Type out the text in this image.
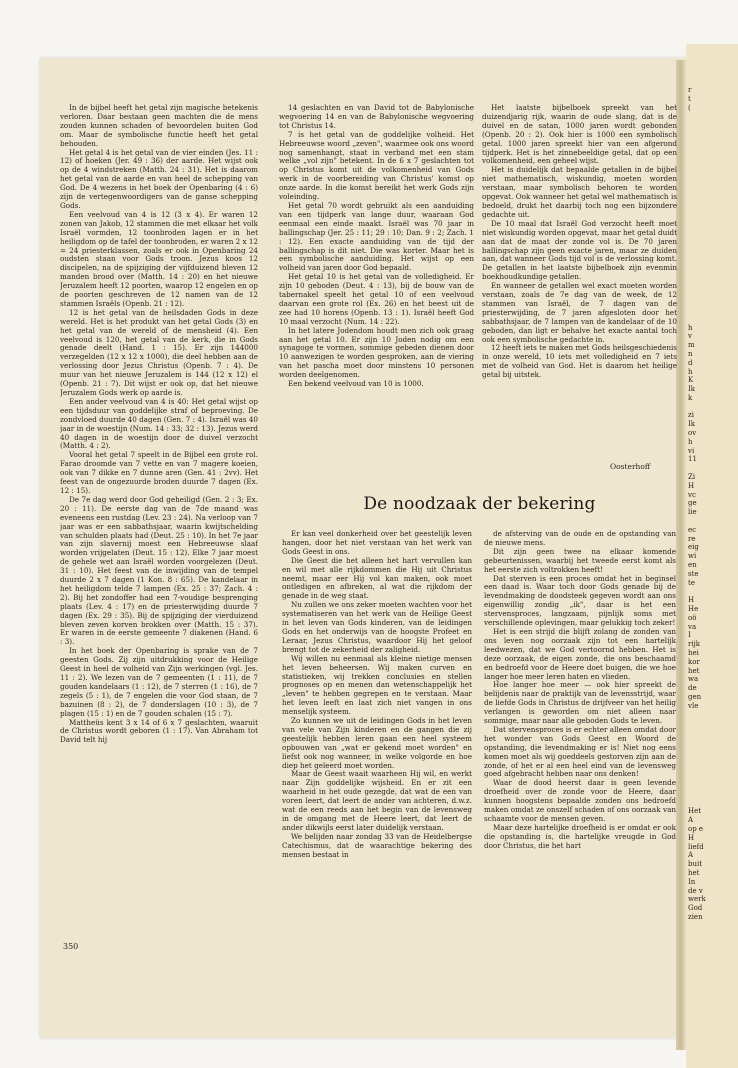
r
t
(

h
v
m
n
d
h
K
Ik
k

zi
Ik
ov
h
vi
11

Zi
H
vc
ge
lie

ec
re
eig
wi
en
ste
te

H
He
oö
va
I
rijk
hei
kor
het
wa
de
gen
vle

Het
A
op e
H
liefd
A
buit
het
In
de v
werk
God
zien

In de bijbel heeft het getal zijn magische betekenis verloren. Daar bestaan geen machten die de mens zouden kunnen schaden of bevoordelen buiten God om. Maar de symbolische functie heeft het getal behouden.

Het getal 4 is het getal van de vier einden (Jes. 11 : 12) of hoeken (Jer. 49 : 36) der aarde. Het wijst ook op de 4 windstreken (Matth. 24 : 31). Het is daarom het getal van de aarde en van heel de schepping van God. De 4 wezens in het boek der Openbaring (4 : 6) zijn de vertegenwoordigers van de ganse schepping Gods.

Een veelvoud van 4 is 12 (3 x 4). Er waren 12 zonen van Jakob, 12 stammen die met elkaar het volk Israël vormden, 12 toonbroden lagen er in het heiligdom op de tafel der toonbroden, er waren 2 x 12 = 24 priesterklassen, zoals er ook in Openbaring 24 oudsten staan voor Gods troon. Jezus koos 12 discipelen, na de spijziging der vijfduizend bleven 12 manden brood over (Matth. 14 : 20) en het nieuwe Jeruzalem heeft 12 poorten, waarop 12 engelen en op de poorten geschreven de 12 namen van de 12 stammen Israëls (Openb. 21 : 12).

12 is het getal van de heilsdaden Gods in deze wereld. Het is het produkt van het getal Gods (3) en het getal van de wereld of de mensheid (4). Een veelvoud is 120, het getal van de kerk, die in Gods genade deelt (Hand. 1 : 15). Er zijn 144000 verzegelden (12 x 12 x 1000), die deel hebben aan de verlossing door Jezus Christus (Openb. 7 : 4). De muur van het nieuwe Jeruzalem is 144 (12 x 12) el (Openb. 21 : 7). Dit wijst er ook op, dat het nieuwe Jeruzalem Gods werk op aarde is.

Een ander veelvoud van 4 is 40: Het getal wijst op een tijdsduur van goddelijke straf of beproeving. De zondvloed duurde 40 dagen (Gen. 7 : 4). Israël was 40 jaar in de woestijn (Num. 14 : 33; 32 : 13). Jezus werd 40 dagen in de woestijn door de duivel verzocht (Matth. 4 : 2).

Vooral het getal 7 speelt in de Bijbel een grote rol. Farao droomde van 7 vette en van 7 magere koeien, ook van 7 dikke en 7 dunne aren (Gen. 41 : 2vv). Het feest van de ongezuurde broden duurde 7 dagen (Ex. 12 : 15).

De 7e dag werd door God geheiligd (Gen. 2 : 3; Ex. 20 : 11). De eerste dag van de 7de maand was eveneens een rustdag (Lev. 23 : 24). Na verloop van 7 jaar was er een sabbathsjaar, waarin kwijtschelding van schulden plaats had (Deut. 25 : 10). In het 7e jaar van zijn slavernij moest een Hebreeuwse slaaf worden vrijgelaten (Deut. 15 : 12). Elke 7 jaar moest de gehele wet aan Israël worden voorgelezen (Deut. 31 : 10). Het feest van de inwijding van de tempel duurde 2 x 7 dagen (1 Kon. 8 : 65). De kandelaar in het heiligdom telde 7 lampen (Ex. 25 : 37; Zach. 4 : 2). Bij het zondoffer had een 7-voudige besprenging plaats (Lev. 4 : 17) en de priesterwijding duurde 7 dagen (Ex. 29 : 35). Bij de spijziging der vierduizend bleven zeven korven brokken over (Matth. 15 : 37). Er waren in de eerste gemeente 7 diakenen (Hand. 6 : 3).

In het boek der Openbaring is sprake van de 7 geesten Gods. Zij zijn uitdrukking voor de Heilige Geest in heel de volheid van Zijn werkingen (vgl. Jes. 11 : 2). We lezen van de 7 gemeenten (1 : 11), de 7 gouden kandelaars (1 : 12), de 7 sterren (1 : 16), de 7 zegels (5 : 1), de 7 engelen die voor God staan, de 7 bazuinen (8 : 2), de 7 donderslagen (10 : 3), de 7 plagen (15 : 1) en de 7 gouden schalen (15 : 7).

Mattheüs kent 3 x 14 of 6 x 7 geslachten, waaruit de Christus wordt geboren (1 : 17). Van Abraham tot David telt hij

14 geslachten en van David tot de Babylonische wegvoering 14 en van de Babylonische wegvoering tot Christus 14.

7 is het getal van de goddelijke volheid. Het Hebreeuwse woord „zeven", waarmee ook ons woord nog samenhangt, staat in verband met een stam welke „vol zijn" betekent. In de 6 x 7 geslachten tot op Christus komt uit de volkomenheid van Gods werk in de voorbereiding van Christus' komst op onze aarde. In die komst bereikt het werk Gods zijn voleinding.

Het getal 70 wordt gebruikt als een aanduiding van een tijdperk van lange duur, waaraan God eenmaal een einde maakt. Israël was 70 jaar in ballingschap (Jer. 25 : 11; 29 : 10; Dan. 9 : 2; Zach. 1 : 12). Een exacte aanduiding van de tijd der ballingschap is dit niet. Die was korter. Maar het is een symbolische aanduiding. Het wijst op een volheid van jaren door God bepaald.

Het getal 10 is het getal van de volledigheid. Er zijn 10 geboden (Deut. 4 : 13), bij de bouw van de tabernakel speelt het getal 10 of een veelvoud daarvan een grote rol (Ex. 26) en het beest uit de zee had 10 horens (Openb. 13 : 1). Israël heeft God 10 maal verzocht (Num. 14 : 22).

In het latere Jodendom houdt men zich ook graag aan het getal 10. Er zijn 10 Joden nodig om een synagoge te vormen, sommige gebeden dienen door 10 aanwezigen te worden gesproken, aan de viering van het pascha moet door minstens 10 personen worden deelgenomen.

Een bekend veelvoud van 10 is 1000.

Het laatste bijbelboek spreekt van het duizendjarig rijk, waarin de oude slang, dat is de duivel en de satan, 1000 jaren wordt gebonden (Openb. 20 : 2). Ook hier is 1000 een symbolisch getal. 1000 jaren spreekt hier van een afgerond tijdperk. Het is het zinnebeeldige getal, dat op een volkomenheid, een geheel wijst.

Het is duidelijk dat bepaalde getallen in de bijbel niet mathematisch, wiskundig, moeten worden verstaan, maar symbolisch behoren te worden opgevat. Ook wanneer het getal wel mathematisch is bedoeld, drukt het daarbij toch nog een bijzondere gedachte uit.

De 10 maal dat Israël God verzocht heeft moet niet wiskundig worden opgevat, maar het getal duidt aan dat de maat der zonde vol is. De 70 jaren ballingschap zijn geen exacte jaren, maar ze duiden aan, dat wanneer Gods tijd vol is de verlossing komt. De getallen in het laatste bijbelboek zijn evenmin boekhoudkundige getallen.

En wanneer de getallen wel exact moeten worden verstaan, zoals de 7e dag van de week, de 12 stammen van Israël, de 7 dagen van de priesterwijding, de 7 jaren afgesloten door het sabbathsjaar, de 7 lampen van de kandelaar of de 10 geboden, dan ligt er behalve het exacte aantal toch ook een symbolische gedachte in.

12 heeft iets te maken met Gods heilsgeschiedenis in onze wereld, 10 iets met volledigheid en 7 iets met de volheid van God. Het is daarom het heilige getal bij uitstek.

Oosterhoff
De noodzaak der bekering

Er kan veel donkerheid over het geestelijk leven hangen, door het niet verstaan van het werk van Gods Geest in ons.

Die Geest die het alleen het hart vervullen kan en wil met alle rijkdommen die Hij uit Christus neemt, maar eer Hij vol kan maken, ook moet ontledigen en afbreken, al wat die rijkdom der genade in de weg staat.

Nu zullen we ons zeker moeten wachten voor het systematiseren van het werk van de Heilige Geest in het leven van Gods kinderen, van de leidingen Gods en het onderwijs van de hoogste Profeet en Leraar, Jezus Christus, waardoor Hij het geloof brengt tot de zekerheid der zaligheid.

Wij willen nu eenmaal als kleine nietige mensen het leven beheersen. Wij maken curven en statistieken, wij trekken conclusies en stellen prognoses op en menen dan wetenschappelijk het „leven" te hebben gegrepen en te verstaan. Maar het leven leeft en laat zich niet vangen in ons menselijk systeem.

Zo kunnen we uit de leidingen Gods in het leven van vele van Zijn kinderen en de gangen die zij geestelijk hebben leren gaan een heel systeem opbouwen van „wat er gekend moet worden" en liefst ook nog wanneer, in welke volgorde en hoe diep het geleerd moet worden.

Maar de Geest waait waarheen Hij wil, en werkt naar Zijn goddelijke wijsheid. En er zit een waarheid in het oude gezegde, dat wat de een van voren leert, dat leert de ander van achteren, d.w.z. wat de een reeds aan het begin van de levensweg in de omgang met de Heere leert, dat leert de ander dikwijls eerst later duidelijk verstaan.

We belijden naar zondag 33 van de Heidelbergse Catechismus, dat de waarachtige bekering des mensen bestaat in

de afsterving van de oude en de opstanding van de nieuwe mens.

Dit zijn geen twee na elkaar komende gebeurtenissen, waarbij het tweede eerst komt als het eerste zich voltrokken heeft!

Dat sterven is een proces omdat het in beginsel een daad is. Waar toch door Gods genade bij de levendmaking de doodsteek gegeven wordt aan ons eigenwillig zondig „ik", daar is het een stervensproces, langzaam, pijnlijk soms met verschillende oplevingen, maar gelukkig toch zeker!

Het is een strijd die blijft zolang de zonden van ons leven nog oorzaak zijn tot een hartelijk leedwezen, dat we God vertoornd hebben. Het is deze oorzaak, de eigen zonde, die ons beschaamd en bedroefd voor de Heere doet buigen, die we hoe langer hoe meer leren haten en vlieden.

Hoe langer hoe meer — ook hier spreekt de belijdenis naar de praktijk van de levensstrijd, waar de liefde Gods in Christus de drijfveer van het heilig verlangen is geworden om niet alleen naar sommige, maar naar alle geboden Gods te leven.

Dat stervensproces is er echter alleen omdat door het wonder van Gods Geest en Woord de opstanding, die levendmaking er is! Niet nog eens komen moet als wij goeddeels gestorven zijn aan de zonde, of het er al een heel eind van de levensweg goed afgebracht hebben naar ons denken!

Waar de dood heerst daar is geen levende droefheid over de zonde voor de Heere, daar kunnen hoogstens bepaalde zonden ons bedroefd maken omdat ze onszelf schaden of ons oorzaak van schaamte voor de mensen geven.

Maar deze hartelijke droefheid is er omdat er ook die opstanding is, die hartelijke vreugde in God door Christus, die het hart

350
